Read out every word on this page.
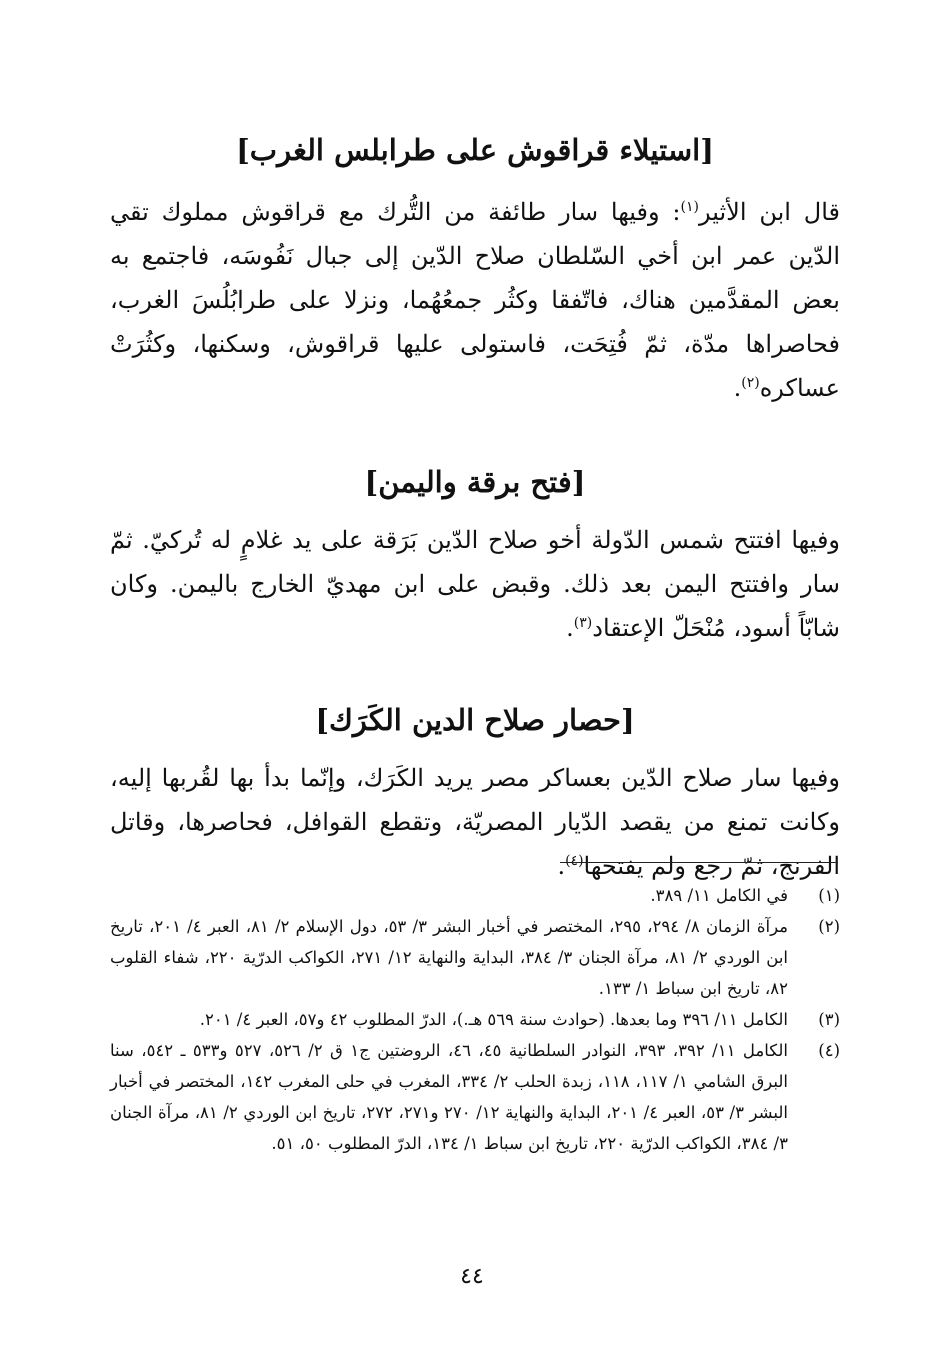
[استيلاء قراقوش على طرابلس الغرب]

قال ابن الأثير$^{(١)}$: وفيها سار طائفة من التُّرك مع قراقوش مملوك تقي الدّين عمر ابن أخي السّلطان صلاح الدّين إلى جبال نَفُوسَه، فاجتمع به بعض المقدَّمين هناك، فاتّفقا وكثُر جمعُهُما، ونزلا على طرابُلُسَ الغرب، فحاصراها مدّة، ثمّ فُتِحَت، فاستولى عليها قراقوش، وسكنها، وكثُرَتْ عساكره$^{(٢)}$.

[فتح برقة واليمن]

وفيها افتتح شمس الدّولة أخو صلاح الدّين بَرَقة على يد غلامٍ له تُركيّ. ثمّ سار وافتتح اليمن بعد ذلك. وقبض على ابن مهديّ الخارج باليمن. وكان شابّاً أسود، مُنْحَلّ الإعتقاد$^{(٣)}$.

[حصار صلاح الدين الكَرَك]

وفيها سار صلاح الدّين بعساكر مصر يريد الكَرَك، وإنّما بدأ بها لقُربها إليه، وكانت تمنع من يقصد الدّيار المصريّة، وتقطع القوافل، فحاصرها، وقاتل الفرنج، ثمّ رجع ولم يفتحها$^{(٤)}$.

(١)
في الكامل ١١/ ٣٨٩.
(٢)
مرآة الزمان ٨/ ٢٩٤، ٢٩٥، المختصر في أخبار البشر ٣/ ٥٣، دول الإسلام ٢/ ٨١، العبر ٤/ ٢٠١، تاريخ ابن الوردي ٢/ ٨١، مرآة الجنان ٣/ ٣٨٤، البداية والنهاية ١٢/ ٢٧١، الكواكب الدرّية ٢٢٠، شفاء القلوب ٨٢، تاريخ ابن سباط ١/ ١٣٣.
(٣)
الكامل ١١/ ٣٩٦ وما بعدها. (حوادث سنة ٥٦٩ هـ.)، الدرّ المطلوب ٤٢ و٥٧، العبر ٤/ ٢٠١.
(٤)
الكامل ١١/ ٣٩٢، ٣٩٣، النوادر السلطانية ٤٥، ٤٦، الروضتين ج١ ق ٢/ ٥٢٦، ٥٢٧ و٥٣٣ ـ ٥٤٢، سنا البرق الشامي ١/ ١١٧، ١١٨، زبدة الحلب ٢/ ٣٣٤، المغرب في حلى المغرب ١٤٢، المختصر في أخبار البشر ٣/ ٥٣، العبر ٤/ ٢٠١، البداية والنهاية ١٢/ ٢٧٠ و٢٧١، ٢٧٢، تاريخ ابن الوردي ٢/ ٨١، مرآة الجنان ٣/ ٣٨٤، الكواكب الدرّية ٢٢٠، تاريخ ابن سباط ١/ ١٣٤، الدرّ المطلوب ٥٠، ٥١.
٤٤
